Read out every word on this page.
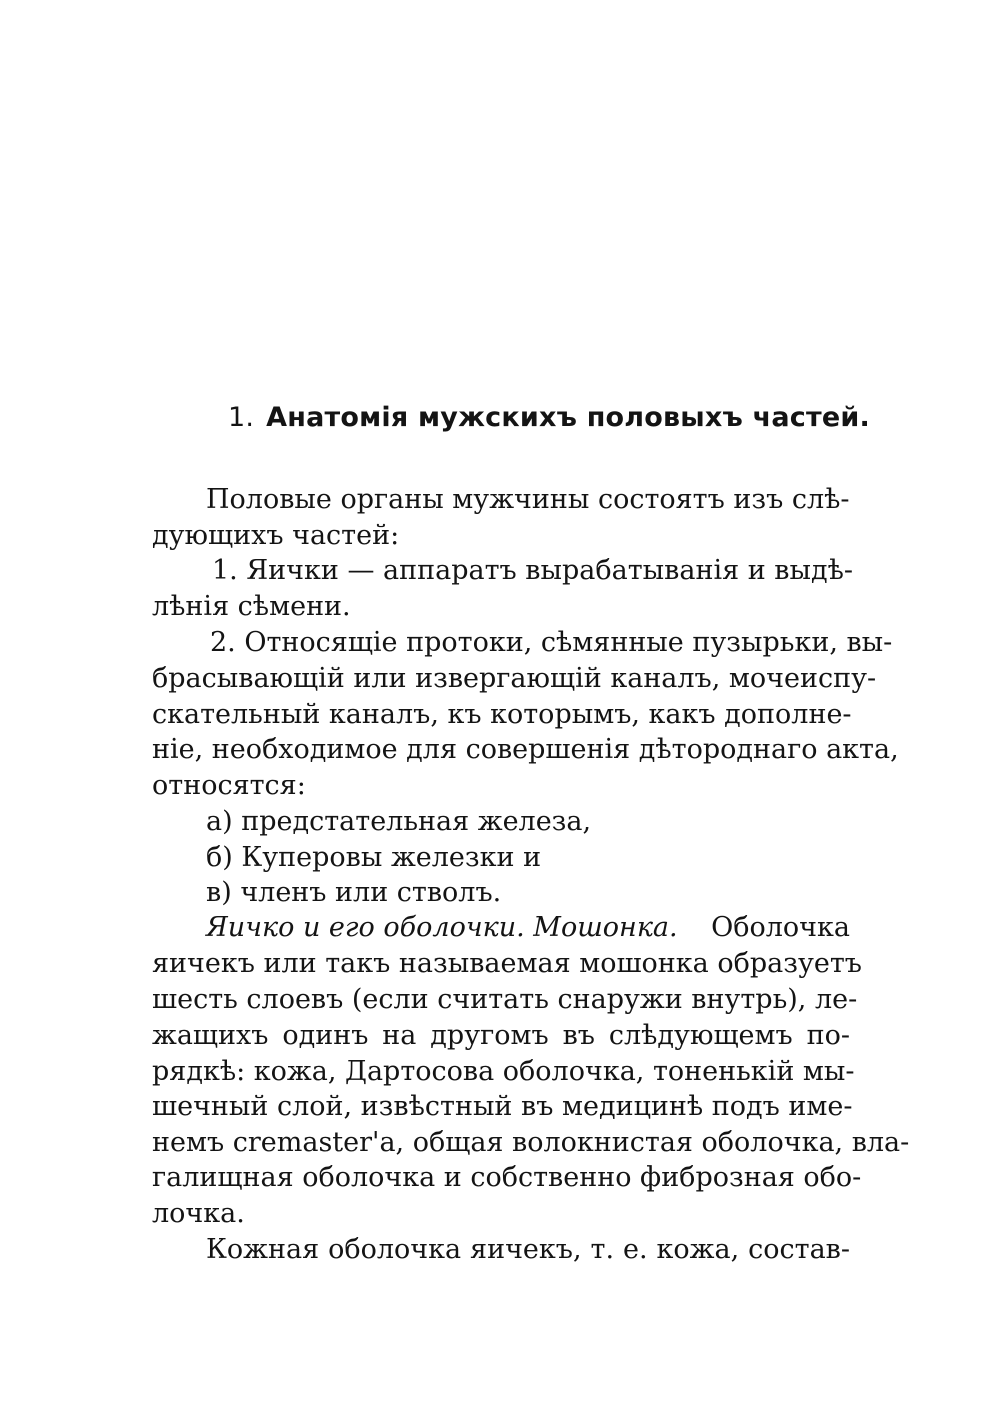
1. Анатомія мужскихъ половыхъ частей.
Половые органы мужчины состоятъ изъ слѣ-
дующихъ частей:
1. Яички — аппаратъ вырабатыванія и выдѣ-
лѣнія сѣмени.
2. Относящіе протоки, сѣмянные пузырьки, вы-
брасывающій или извергающій каналъ, мочеиспу-
скательный каналъ, къ которымъ, какъ дополне-
ніе, необходимое для совершенія дѣтороднаго акта,
относятся:
а) предстательная железа,
б) Куперовы железки и
в) членъ или стволъ.
Яичко и его оболочки. Мошонка. Оболочка
яичекъ или такъ называемая мошонка образуетъ
шесть слоевъ (если считать снаружи внутрь), ле-
жащихъ одинъ на другомъ въ слѣдующемъ по-
рядкѣ: кожа, Дартосова оболочка, тоненькій мы-
шечный слой, извѣстный въ медицинѣ подъ име-
немъ cremaster'a, общая волокнистая оболочка, вла-
галищная оболочка и собственно фиброзная обо-
лочка.
Кожная оболочка яичекъ, т. е. кожа, состав-
